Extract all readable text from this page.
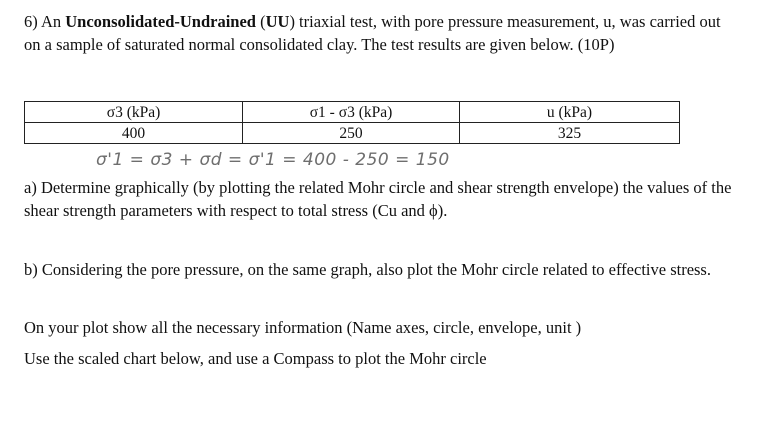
6) An Unconsolidated-Undrained (UU) triaxial test, with pore pressure measurement, u, was carried out on a sample of saturated normal consolidated clay. The test results are given below. (10P)

σ3 (kPa)	σ1 - σ3 (kPa)	u (kPa)
400	250	325
σ'1 = σ3 + σd = σ'1 = 400 - 250 = 150

a) Determine graphically (by plotting the related Mohr circle and shear strength envelope) the values of the shear strength parameters with respect to total stress (Cu and ϕ).

b) Considering the pore pressure, on the same graph, also plot the Mohr circle related to effective stress.

On your plot show all the necessary information (Name axes, circle, envelope, unit )

Use the scaled chart below, and use a Compass to plot the Mohr circle
